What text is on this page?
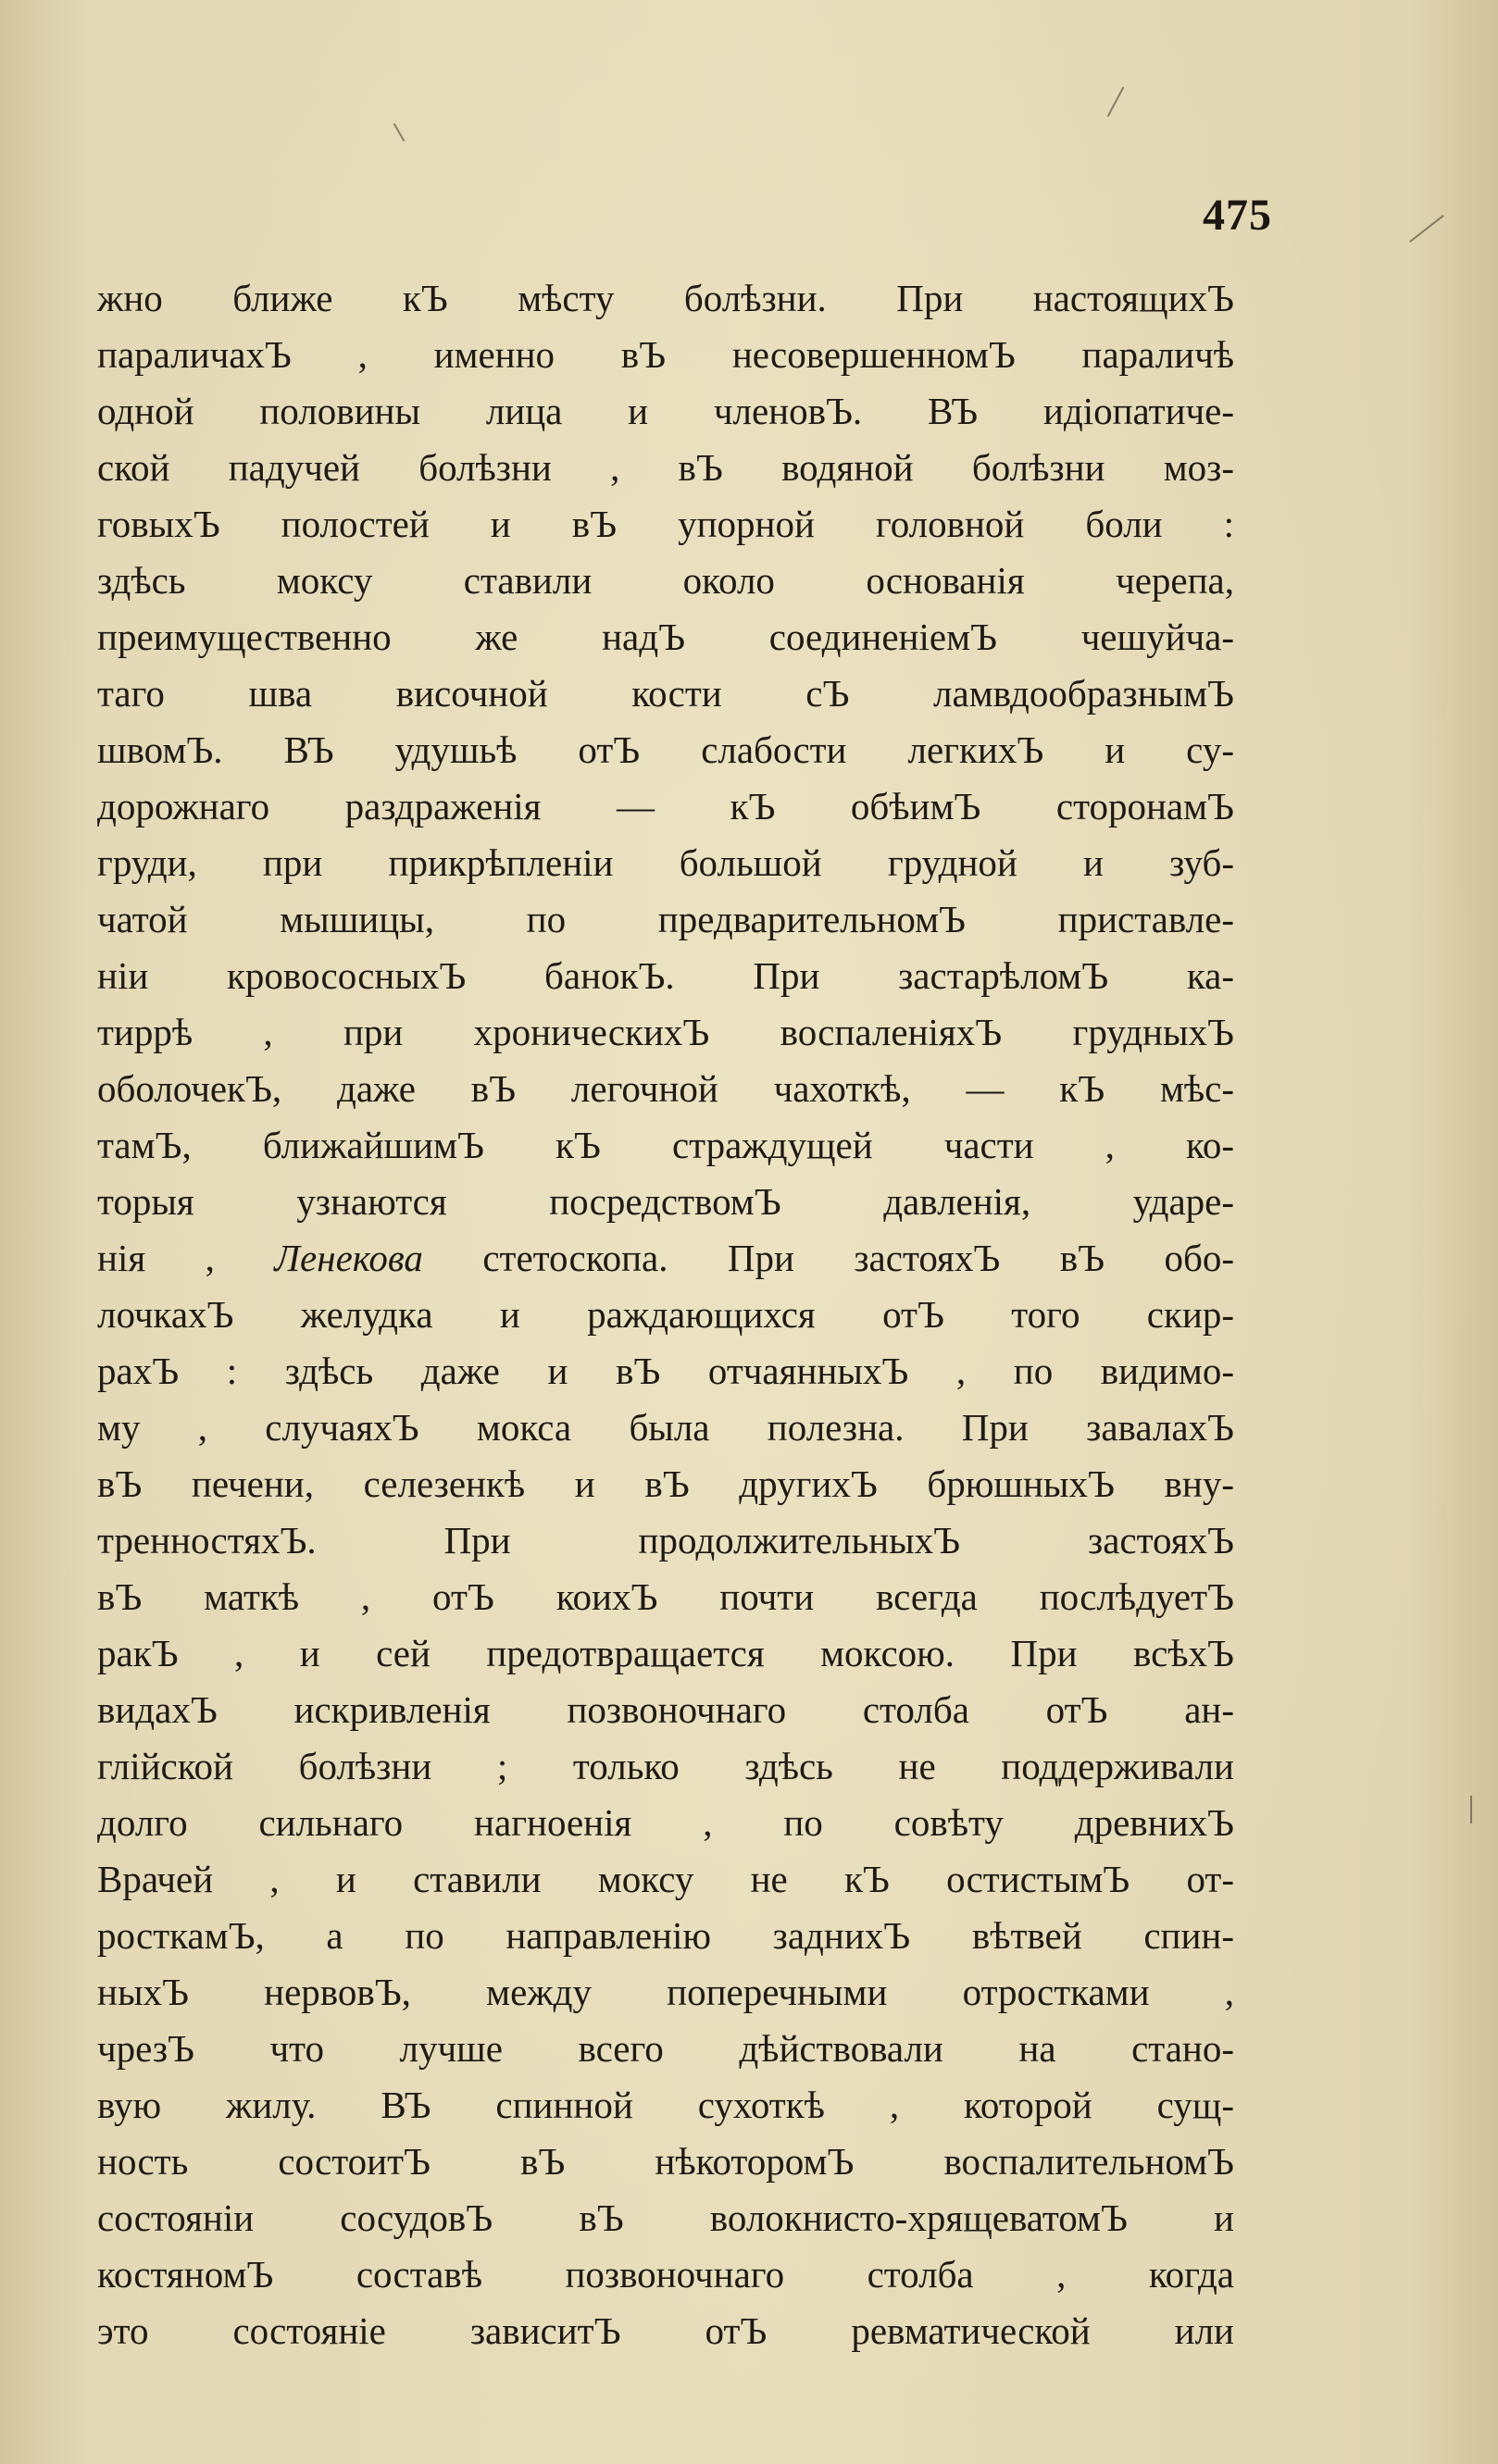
475
жно ближе кЪ мѣсту болѣзни. При настоящихЪ
параличахЪ , именно вЪ несовершенномЪ параличѣ
одной половины лица и членовЪ. ВЪ идіопатиче-
ской падучей болѣзни , вЪ водяной болѣзни моз-
говыхЪ полостей и вЪ упорной головной боли :
здѣсь моксу ставили около основанія черепа,
преимущественно же надЪ соединеніемЪ чешуйча-
таго шва височной кости сЪ ламвдообразнымЪ
швомЪ. ВЪ удушьѣ отЪ слабости легкихЪ и су-
дорожнаго раздраженія — кЪ обѣимЪ сторонамЪ
груди, при прикрѣпленіи большой грудной и зуб-
чатой мышицы, по предварительномЪ приставле-
ніи кровососныхЪ банокЪ. При застарѣломЪ ка-
тиррѣ , при хроническихЪ воспаленіяхЪ грудныхЪ
оболочекЪ, даже вЪ легочной чахоткѣ, — кЪ мѣс-
тамЪ, ближайшимЪ кЪ страждущей части , ко-
торыя узнаются посредствомЪ давленія, ударе-
нія , Ленекова стетоскопа. При застояхЪ вЪ обо-
лочкахЪ желудка и раждающихся отЪ того скир-
рахЪ : здѣсь даже и вЪ отчаянныхЪ , по видимо-
му , случаяхЪ мокса была полезна. При завалахЪ
вЪ печени, селезенкѣ и вЪ другихЪ брюшныхЪ вну-
тренностяхЪ. При продолжительныхЪ застояхЪ
вЪ маткѣ , отЪ коихЪ почти всегда послѣдуетЪ
ракЪ , и сей предотвращается моксою. При всѣхЪ
видахЪ искривленія позвоночнаго столба отЪ ан-
глійской болѣзни ; только здѣсь не поддерживали
долго сильнаго нагноенія , по совѣту древнихЪ
Врачей , и ставили моксу не кЪ остистымЪ от-
росткамЪ, а по направленію заднихЪ вѣтвей спин-
ныхЪ нервовЪ, между поперечными отростками ,
чрезЪ что лучше всего дѣйствовали на стано-
вую жилу. ВЪ спинной сухоткѣ , которой сущ-
ность состоитЪ вЪ нѣкоторомЪ воспалительномЪ
состояніи сосудовЪ вЪ волокнисто-хрящеватомЪ и
костяномЪ составѣ позвоночнаго столба , когда
это состояніе зависитЪ отЪ ревматической или
